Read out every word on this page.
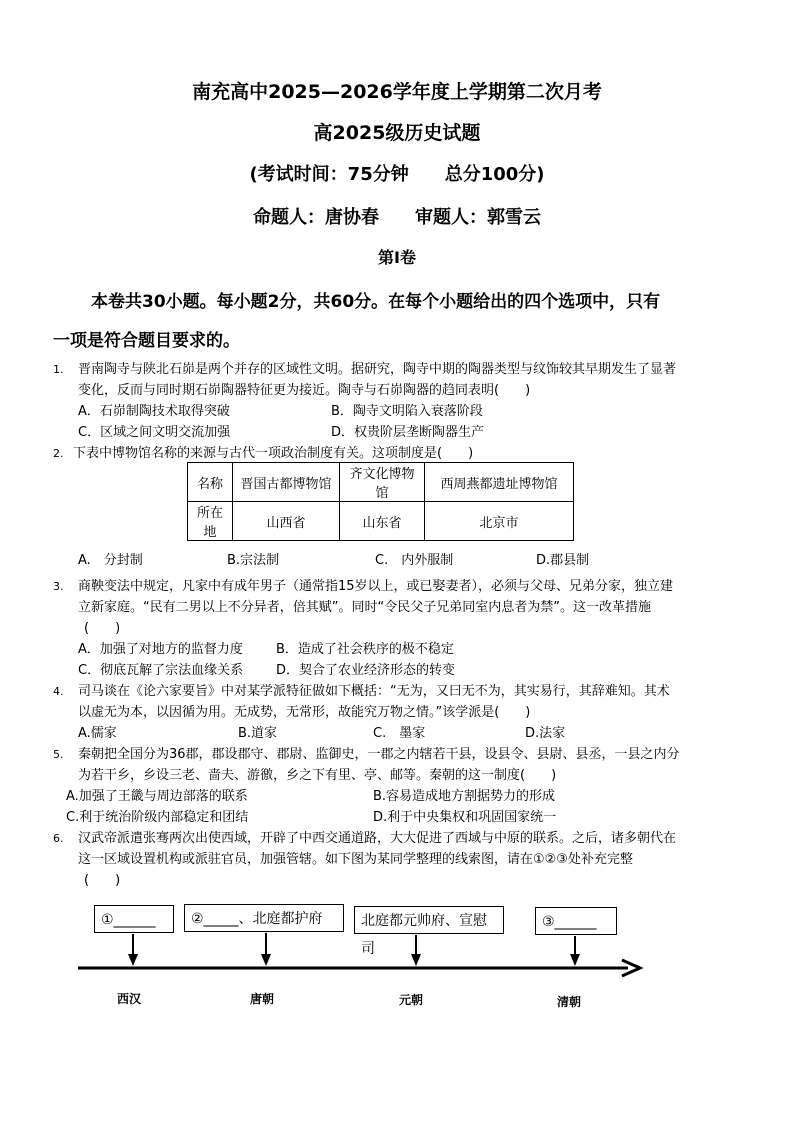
南充高中2025—2026学年度上学期第二次月考
高2025级历史试题
(考试时间：75分钟　　总分100分)
命题人：唐协春　　审题人：郭雪云
第Ⅰ卷
本卷共30小题。每小题2分，共60分。在每个小题给出的四个选项中，只有
一项是符合题目要求的。
1. 晋南陶寺与陕北石峁是两个并存的区域性文明。据研究，陶寺中期的陶器类型与纹饰较其早期发生了显著
变化，反而与同时期石峁陶器特征更为接近。陶寺与石峁陶器的趋同表明(　　)
A．石峁制陶技术取得突破	B．陶寺文明陷入衰落阶段
C．区域之间文明交流加强	D．权贵阶层垄断陶器生产
2. 下表中博物馆名称的来源与古代一项政治制度有关。这项制度是(　　)
名称	晋国古都博物馆	齐文化博物馆	西周燕都遗址博物馆
所在地	山西省	山东省	北京市
A.　分封制	B.宗法制	C.　内外服制	D.郡县制
3. 商鞅变法中规定，凡家中有成年男子（通常指15岁以上，或已娶妻者），必须与父母、兄弟分家，独立建
立新家庭。“民有二男以上不分异者，倍其赋”。同时“令民父子兄弟同室内息者为禁”。这一改革措施
(　　)
A．加强了对地方的监督力度	B．造成了社会秩序的极不稳定
C．彻底瓦解了宗法血缘关系	D．契合了农业经济形态的转变
4. 司马谈在《论六家要旨》中对某学派特征做如下概括：“无为，又曰无不为，其实易行，其辞难知。其术
以虚无为本，以因循为用。无成势，无常形，故能究万物之情。”该学派是(　　)
A.儒家	B.道家	C.　墨家	D.法家
5. 秦朝把全国分为36郡，郡设郡守、郡尉、监御史，一郡之内辖若干县，设县令、县尉、县丞，一县之内分
为若干乡，乡设三老、啬夫、游徼，乡之下有里、亭、邮等。秦朝的这一制度(　　)
A.加强了王畿与周边部落的联系	B.容易造成地方割据势力的形成
C.利于统治阶级内部稳定和团结	D.利于中央集权和巩固国家统一
6. 汉武帝派遣张骞两次出使西域，开辟了中西交通道路，大大促进了西域与中原的联系。之后，诸多朝代在
这一区域设置机构或派驻官员，加强管辖。如下图为某同学整理的线索图，请在①②③处补充完整
(　　)
①______	②_____、北庭都护府	北庭都元帅府、宣慰司
③______
西汉	唐朝	元朝	清朝
